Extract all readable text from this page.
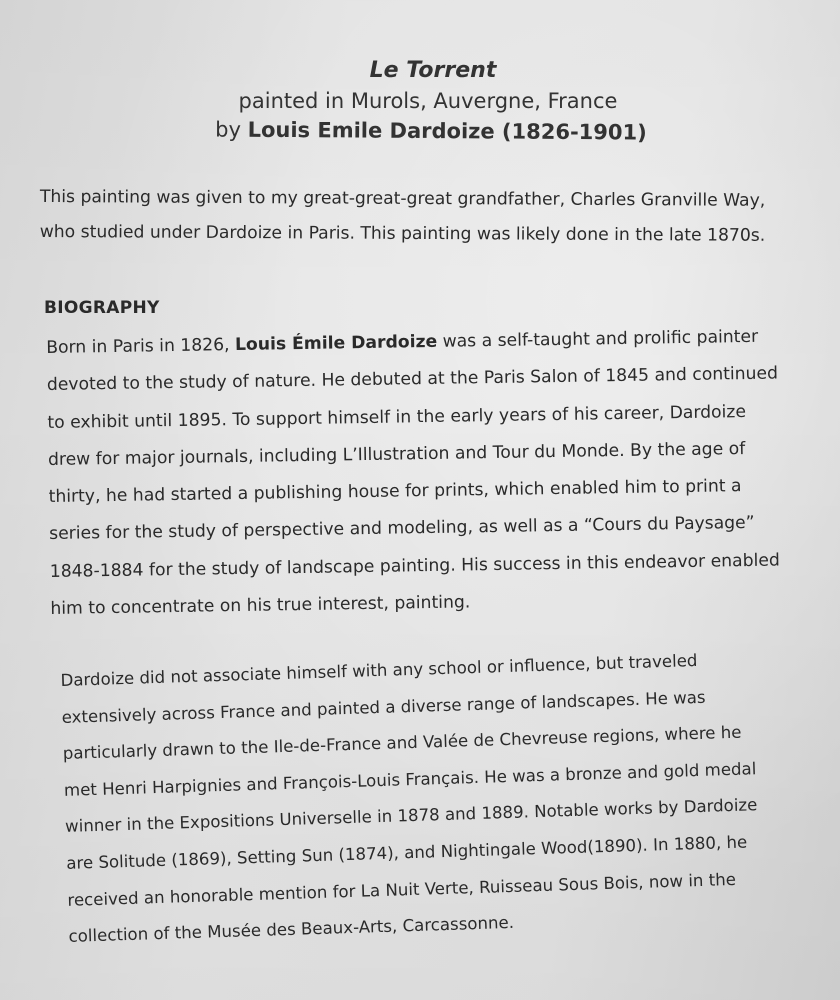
Le Torrent
painted in Murols, Auvergne, France
by Louis Emile Dardoize (1826-1901)
This painting was given to my great-great-great grandfather, Charles Granville Way,
who studied under Dardoize in Paris. This painting was likely done in the late 1870s.
BIOGRAPHY
Born in Paris in 1826, Louis Émile Dardoize was a self-taught and prolific painter
devoted to the study of nature. He debuted at the Paris Salon of 1845 and continued
to exhibit until 1895. To support himself in the early years of his career, Dardoize
drew for major journals, including L’Illustration and Tour du Monde. By the age of
thirty, he had started a publishing house for prints, which enabled him to print a
series for the study of perspective and modeling, as well as a “Cours du Paysage”
1848-1884 for the study of landscape painting. His success in this endeavor enabled
him to concentrate on his true interest, painting.
Dardoize did not associate himself with any school or influence, but traveled
extensively across France and painted a diverse range of landscapes. He was
particularly drawn to the Ile-de-France and Valée de Chevreuse regions, where he
met Henri Harpignies and François-Louis Français. He was a bronze and gold medal
winner in the Expositions Universelle in 1878 and 1889. Notable works by Dardoize
are Solitude (1869), Setting Sun (1874), and Nightingale Wood(1890). In 1880, he
received an honorable mention for La Nuit Verte, Ruisseau Sous Bois, now in the
collection of the Musée des Beaux-Arts, Carcassonne.
